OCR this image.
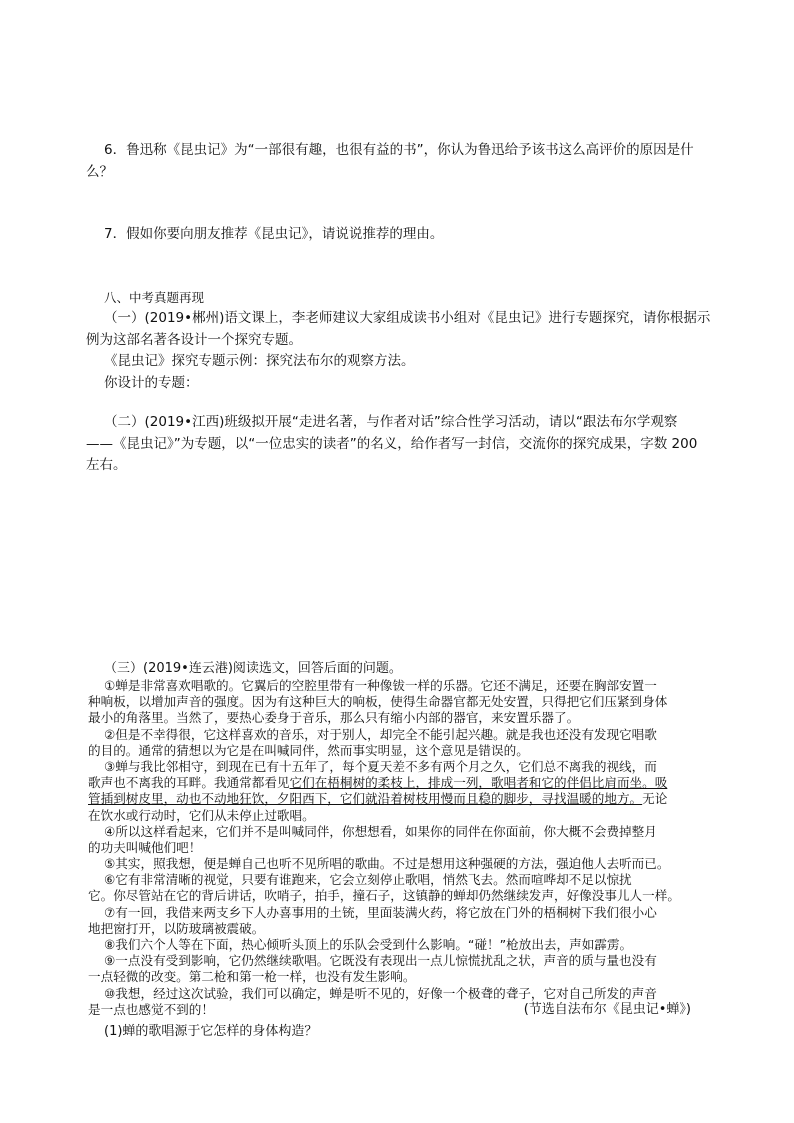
6．鲁迅称《昆虫记》为“一部很有趣，也很有益的书”，你认为鲁迅给予该书这么高评价的原因是什
么？
7．假如你要向朋友推荐《昆虫记》，请说说推荐的理由。
八、中考真题再现
（一）(2019•郴州)语文课上，李老师建议大家组成读书小组对《昆虫记》进行专题探究，请你根据示
例为这部名著各设计一个探究专题。
《昆虫记》探究专题示例：探究法布尔的观察方法。
你设计的专题：
（二）(2019•江西)班级拟开展“走进名著，与作者对话”综合性学习活动，请以“跟法布尔学观察
——《昆虫记》”为专题，以“一位忠实的读者”的名义，给作者写一封信，交流你的探究成果，字数 200
左右。
（三）(2019•连云港)阅读选文，回答后面的问题。
①蝉是非常喜欢唱歌的。它翼后的空腔里带有一种像钹一样的乐器。它还不满足，还要在胸部安置一
种响板，以增加声音的强度。因为有这种巨大的响板，使得生命器官都无处安置，只得把它们压紧到身体
最小的角落里。当然了，要热心委身于音乐，那么只有缩小内部的器官，来安置乐器了。
②但是不幸得很，它这样喜欢的音乐，对于别人，却完全不能引起兴趣。就是我也还没有发现它唱歌
的目的。通常的猜想以为它是在叫喊同伴，然而事实明显，这个意见是错误的。
③蝉与我比邻相守，到现在已有十五年了，每个夏天差不多有两个月之久，它们总不离我的视线，而
歌声也不离我的耳畔。我通常都看见它们在梧桐树的柔枝上，排成一列，歌唱者和它的伴侣比肩而坐。吸
管插到树皮里，动也不动地狂饮，夕阳西下，它们就沿着树枝用慢而且稳的脚步，寻找温暖的地方。无论
在饮水或行动时，它们从未停止过歌唱。
④所以这样看起来，它们并不是叫喊同伴，你想想看，如果你的同伴在你面前，你大概不会费掉整月
的功夫叫喊他们吧！
⑤其实，照我想，便是蝉自己也听不见所唱的歌曲。不过是想用这种强硬的方法，强迫他人去听而已。
⑥它有非常清晰的视觉，只要有谁跑来，它会立刻停止歌唱，悄然飞去。然而喧哗却不足以惊扰
它。你尽管站在它的背后讲话，吹哨子，拍手，撞石子，这镇静的蝉却仍然继续发声，好像没事儿人一样。
⑦有一回，我借来两支乡下人办喜事用的土铳，里面装满火药，将它放在门外的梧桐树下我们很小心
地把窗打开，以防玻璃被震破。
⑧我们六个人等在下面，热心倾听头顶上的乐队会受到什么影响。“碰！”枪放出去，声如霹雳。
⑨一点没有受到影响，它仍然继续歌唱。它既没有表现出一点儿惊慌扰乱之状，声音的质与量也没有
一点轻微的改变。第二枪和第一枪一样，也没有发生影响。
⑩我想，经过这次试验，我们可以确定，蝉是听不见的，好像一个极聋的聋子，它对自己所发的声音
是一点也感觉不到的！	(节选自法布尔《昆虫记•蝉》)
(1)蝉的歌唱源于它怎样的身体构造？
